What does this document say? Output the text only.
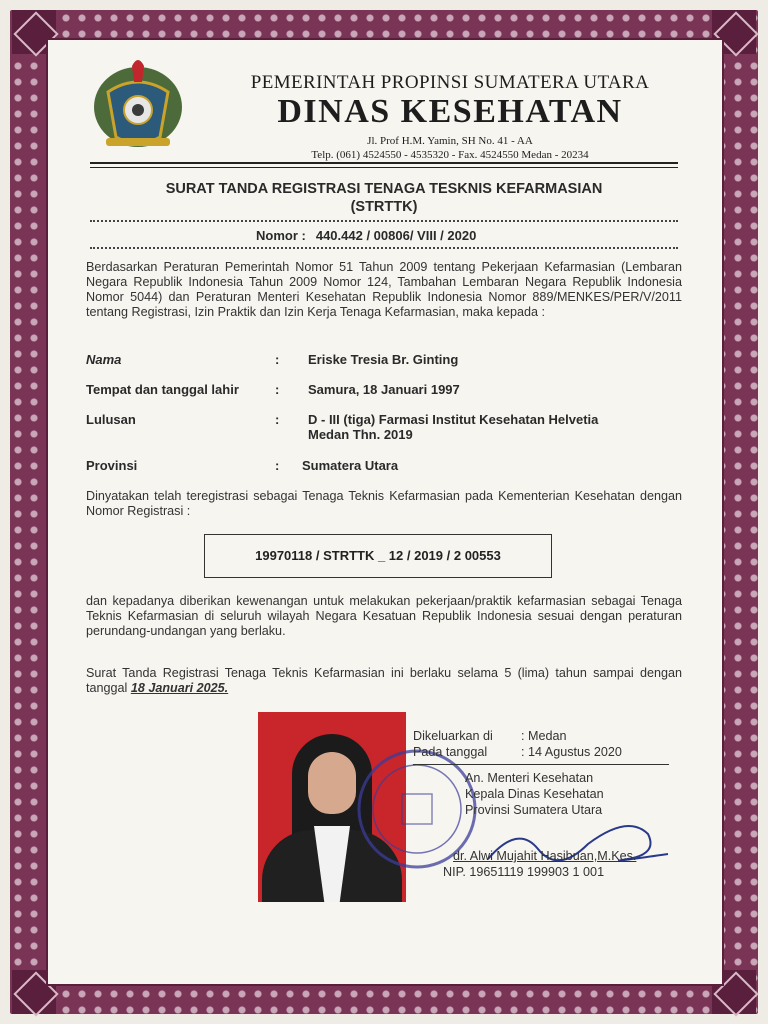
PEMERINTAH PROPINSI SUMATERA UTARA
DINAS KESEHATAN
Jl. Prof H.M. Yamin, SH No. 41 - AA
Telp. (061) 4524550 - 4535320 - Fax. 4524550 Medan - 20234
SURAT TANDA REGISTRASI TENAGA TESKNIS KEFARMASIAN
(STRTTK)
Nomor : 440.442 / 00806/ VIII / 2020
Berdasarkan Peraturan Pemerintah Nomor 51 Tahun 2009 tentang Pekerjaan Kefarmasian (Lembaran Negara Republik Indonesia Tahun 2009 Nomor 124, Tambahan Lembaran Negara Republik Indonesia Nomor 5044) dan Peraturan Menteri Kesehatan Republik Indonesia Nomor 889/MENKES/PER/V/2011 tentang Registrasi, Izin Praktik dan Izin Kerja Tenaga Kefarmasian, maka kepada :
Nama	: Eriske Tresia Br. Ginting
Tempat dan tanggal lahir	: Samura, 18 Januari 1997
Lulusan	: D - III (tiga) Farmasi Institut Kesehatan Helvetia
Medan Thn. 2019
Provinsi	: Sumatera Utara
Dinyatakan telah teregistrasi sebagai Tenaga Teknis Kefarmasian pada Kementerian Kesehatan dengan Nomor Registrasi :
19970118 / STRTTK _ 12 / 2019 / 2 00553
dan kepadanya diberikan kewenangan untuk melakukan pekerjaan/praktik kefarmasian sebagai Tenaga Teknis Kefarmasian di seluruh wilayah Negara Kesatuan Republik Indonesia sesuai dengan peraturan perundang-undangan yang berlaku.
Surat Tanda Registrasi Tenaga Teknis Kefarmasian ini berlaku selama 5 (lima) tahun sampai dengan tanggal 18 Januari 2025.
Dikeluarkan di : Medan
Pada tanggal	: 14 Agustus 2020
An. Menteri Kesehatan
Kepala Dinas Kesehatan
Provinsi Sumatera Utara
dr. Alwi Mujahit Hasibuan,M.Kes.
NIP. 19651119 199903 1 001
